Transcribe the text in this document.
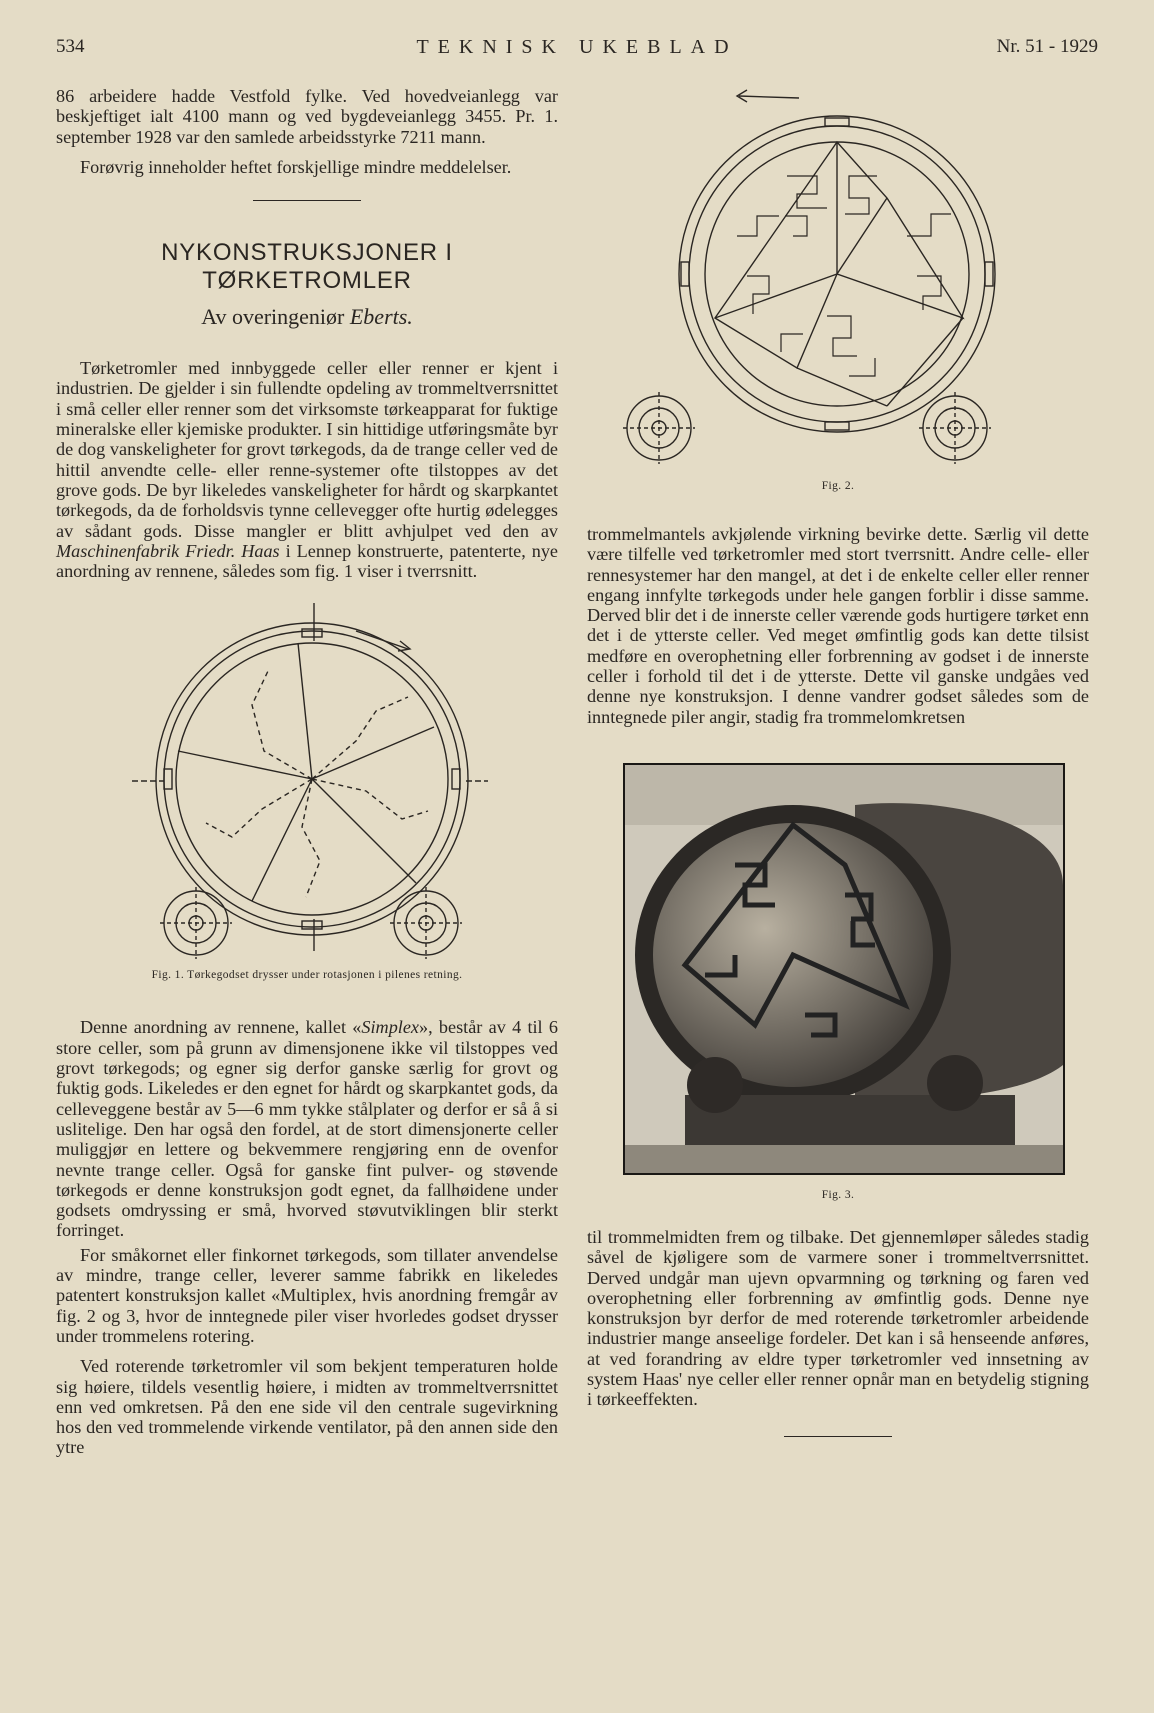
534	TEKNISK UKEBLAD	Nr. 51 - 1929

86 arbeidere hadde Vestfold fylke. Ved hovedveianlegg var beskjeftiget ialt 4100 mann og ved bygdeveianlegg 3455. Pr. 1. september 1928 var den samlede arbeidsstyrke 7211 mann.

Forøvrig inneholder heftet forskjellige mindre meddelelser.

NYKONSTRUKSJONER I TØRKETROMLER
Av overingeniør Eberts.

Tørketromler med innbyggede celler eller renner er kjent i industrien. De gjelder i sin fullendte opdeling av trommeltverrsnittet i små celler eller renner som det virksomste tørkeapparat for fuktige mineralske eller kjemiske produkter. I sin hittidige utføringsmåte byr de dog vanskeligheter for grovt tørkegods, da de trange celler ved de hittil anvendte celle- eller renne-systemer ofte tilstoppes av det grove gods. De byr likeledes vanskeligheter for hårdt og skarpkantet tørkegods, da de forholdsvis tynne cellevegger ofte hurtig ødelegges av sådant gods. Disse mangler er blitt avhjulpet ved den av Maschinenfabrik Friedr. Haas i Lennep konstruerte, patenterte, nye anordning av rennene, således som fig. 1 viser i tverrsnitt.

Fig. 1. Tørkegodset drysser under rotasjonen i pilenes retning.

Denne anordning av rennene, kallet «Simplex», består av 4 til 6 store celler, som på grunn av dimensjonene ikke vil tilstoppes ved grovt tørkegods; og egner sig derfor ganske særlig for grovt og fuktig gods. Likeledes er den egnet for hårdt og skarpkantet gods, da celleveggene består av 5—6 mm tykke stålplater og derfor er så å si uslitelige. Den har også den fordel, at de stort dimensjonerte celler muliggjør en lettere og bekvemmere rengjøring enn de ovenfor nevnte trange celler. Også for ganske fint pulver- og støvende tørkegods er denne konstruksjon godt egnet, da fallhøidene under godsets omdryssing er små, hvorved støvutviklingen blir sterkt forringet.

For småkornet eller finkornet tørkegods, som tillater anvendelse av mindre, trange celler, leverer samme fabrikk en likeledes patentert konstruksjon kallet «Multiplex, hvis anordning fremgår av fig. 2 og 3, hvor de inntegnede piler viser hvorledes godset drysser under trommelens rotering.

Ved roterende tørketromler vil som bekjent temperaturen holde sig høiere, tildels vesentlig høiere, i midten av trommeltverrsnittet enn ved omkretsen. På den ene side vil den centrale sugevirkning hos den ved trommelende virkende ventilator, på den annen side den ytre

Fig. 2.

trommelmantels avkjølende virkning bevirke dette. Særlig vil dette være tilfelle ved tørketromler med stort tverrsnitt. Andre celle- eller rennesystemer har den mangel, at det i de enkelte celler eller renner engang innfylte tørkegods under hele gangen forblir i disse samme. Derved blir det i de innerste celler værende gods hurtigere tørket enn det i de ytterste celler. Ved meget ømfintlig gods kan dette tilsist medføre en overophetning eller forbrenning av godset i de innerste celler i forhold til det i de ytterste. Dette vil ganske undgåes ved denne nye konstruksjon. I denne vandrer godset således som de inntegnede piler angir, stadig fra trommelomkretsen

Fig. 3.

til trommelmidten frem og tilbake. Det gjennemløper således stadig såvel de kjøligere som de varmere soner i trommeltverrsnittet. Derved undgår man ujevn opvarmning og tørkning og faren ved overophetning eller forbrenning av ømfintlig gods. Denne nye konstruksjon byr derfor de med roterende tørketromler arbeidende industrier mange anseelige fordeler. Det kan i så henseende anføres, at ved forandring av eldre typer tørketromler ved innsetning av system Haas' nye celler eller renner opnår man en betydelig stigning i tørkeeffekten.
